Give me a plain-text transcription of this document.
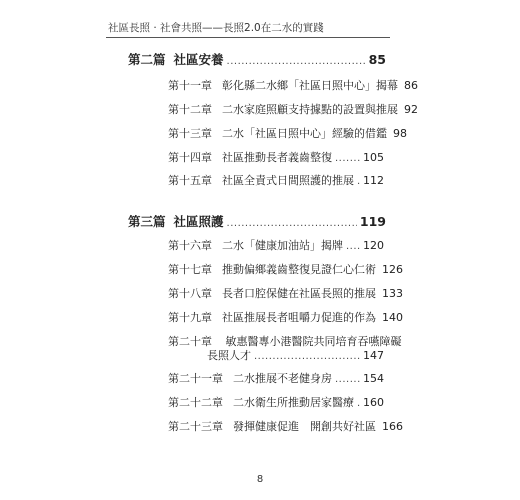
社區長照 · 社會共照——長照2.0在二水的實踐
第二篇 社區安養 .....	85
第十一章 彰化縣二水鄉「社區日照中心」揭幕 86
第十二章 二水家庭照顧支持據點的設置與推展 92
第十三章 二水「社區日照中心」經驗的借鑑 98
第十四章 社區推動長者義齒整復 .....	105
第十五章 社區全責式日間照護的推展 ..... 112
第三篇 社區照護 .....	119
第十六章 二水「健康加油站」揭牌 ..... 120
第十七章 推動偏鄉義齒整復見證仁心仁術 126
第十八章 長者口腔保健在社區長照的推展 133
第十九章 社區推展長者咀嚼力促進的作為 140
第二十章 敏惠醫專小港醫院共同培育吞嚥障礙
長照人才 .....	147
第二十一章 二水推展不老健身房 .....	154
第二十二章 二水衛生所推動居家醫療 ..... 160
第二十三章 發揮健康促進　開創共好社區 166
8
